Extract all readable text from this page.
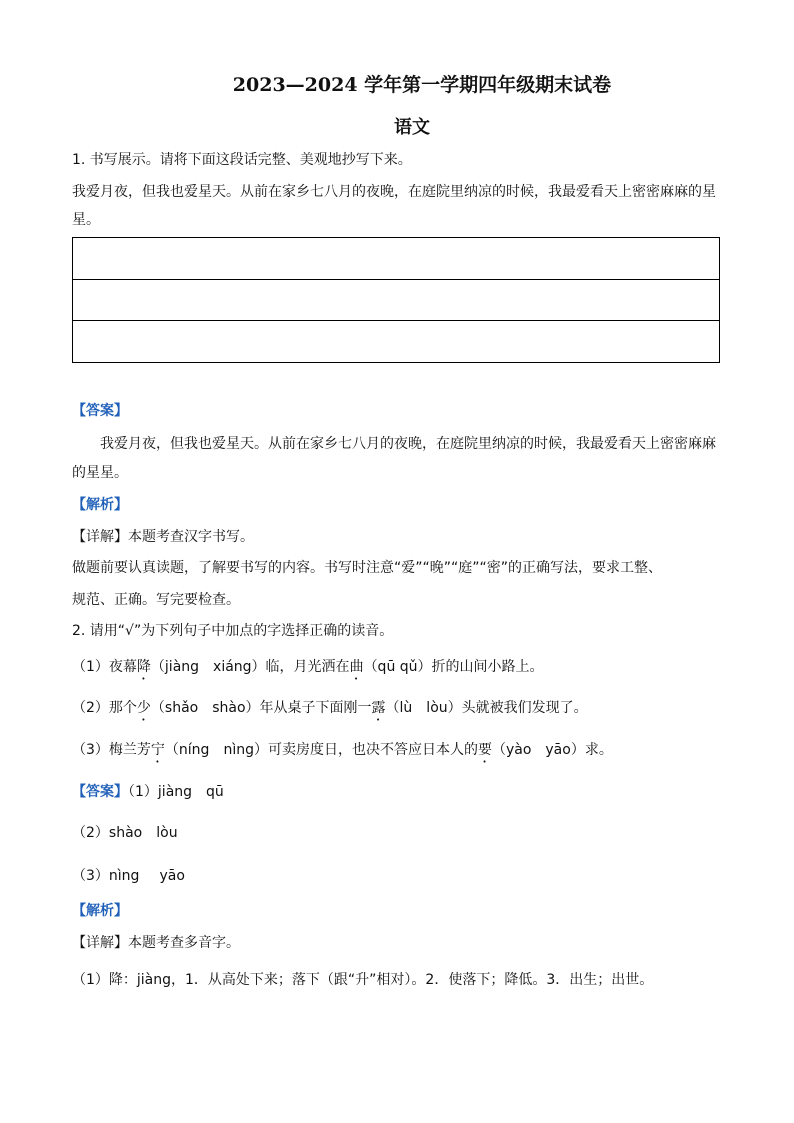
2023—2024 学年第一学期四年级期末试卷
语文
1. 书写展示。请将下面这段话完整、美观地抄写下来。
我爱月夜，但我也爱星天。从前在家乡七八月的夜晚，在庭院里纳凉的时候，我最爱看天上密密麻麻的星
星。
【答案】
我爱月夜，但我也爱星天。从前在家乡七八月的夜晚，在庭院里纳凉的时候，我最爱看天上密密麻麻
的星星。
【解析】
【详解】本题考查汉字书写。
做题前要认真读题，了解要书写的内容。书写时注意“爱”“晚”“庭”“密”的正确写法，要求工整、
规范、正确。写完要检查。
2. 请用“√”为下列句子中加点的字选择正确的读音。
（1）夜幕降（jiàng　xiáng）临，月光洒在曲（qū qǔ）折的山间小路上。
（2）那个少（shǎo　shào）年从桌子下面刚一露（lù　lòu）头就被我们发现了。
（3）梅兰芳宁（níng　nìng）可卖房度日，也决不答应日本人的要（yào　yāo）求。
【答案】（1）jiàng qū
（2）shào lòu
（3）nìng yāo
【解析】
【详解】本题考查多音字。
（1）降：jiàng，1．从高处下来；落下（跟“升”相对）。2．使落下；降低。3．出生；出世。
